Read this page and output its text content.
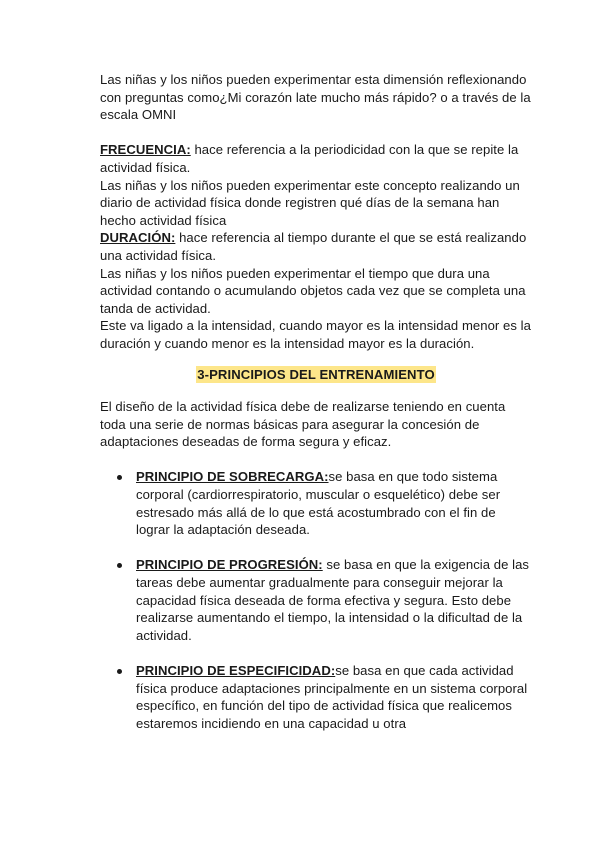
Las niñas y los niños pueden experimentar esta dimensión reflexionando con preguntas como¿Mi corazón late mucho más rápido? o a través de la escala OMNI

FRECUENCIA: hace referencia a la periodicidad con la que se repite la actividad física.

Las niñas y los niños pueden experimentar este concepto realizando un diario de actividad física donde registren qué días de la semana han hecho actividad física

DURACIÓN: hace referencia al tiempo durante el que se está realizando una actividad física.

Las niñas y los niños pueden experimentar el tiempo que dura una actividad contando o acumulando objetos cada vez que se completa una tanda de actividad.

Este va ligado a la intensidad, cuando mayor es la intensidad menor es la duración y cuando menor es la intensidad mayor es la duración.

3-PRINCIPIOS DEL ENTRENAMIENTO

El diseño de la actividad física debe de realizarse teniendo en cuenta toda una serie de normas básicas para asegurar la concesión de adaptaciones deseadas de forma segura y eficaz.

PRINCIPIO DE SOBRECARGA:se basa en que todo sistema corporal (cardiorrespiratorio, muscular o esquelético) debe ser estresado más allá de lo que está acostumbrado con el fin de lograr la adaptación deseada.
PRINCIPIO DE PROGRESIÓN: se basa en que la exigencia de las tareas debe aumentar gradualmente para conseguir mejorar la capacidad física deseada de forma efectiva y segura. Esto debe realizarse aumentando el tiempo, la intensidad o la dificultad de la actividad.
PRINCIPIO DE ESPECIFICIDAD:se basa en que cada actividad física produce adaptaciones principalmente en un sistema corporal específico, en función del tipo de actividad física que realicemos estaremos incidiendo en una capacidad u otra
